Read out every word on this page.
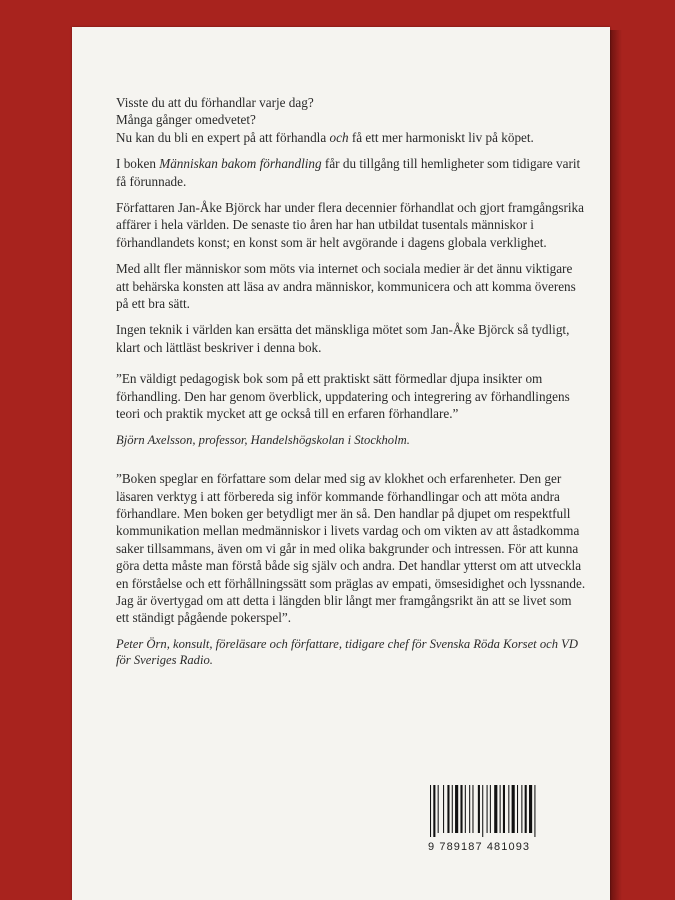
Visste du att du förhandlar varje dag?
Många gånger omedvetet?
Nu kan du bli en expert på att förhandla och få ett mer harmoniskt liv på köpet.

I boken Människan bakom förhandling får du tillgång till hemligheter som tidigare varit få förunnade.

Författaren Jan-Åke Björck har under flera decennier förhandlat och gjort framgångsrika affärer i hela världen. De senaste tio åren har han utbildat tusentals människor i förhandlandets konst; en konst som är helt avgörande i dagens globala verklighet.

Med allt fler människor som möts via internet och sociala medier är det ännu viktigare att behärska konsten att läsa av andra människor, kommunicera och att komma överens på ett bra sätt.

Ingen teknik i världen kan ersätta det mänskliga mötet som Jan-Åke Björck så tydligt, klart och lättläst beskriver i denna bok.

”En väldigt pedagogisk bok som på ett praktiskt sätt förmedlar djupa insikter om förhandling. Den har genom överblick, uppdatering och integrering av förhandlingens teori och praktik mycket att ge också till en erfaren förhandlare.”

Björn Axelsson, professor, Handelshögskolan i Stockholm.

”Boken speglar en författare som delar med sig av klokhet och erfarenheter. Den ger läsaren verktyg i att förbereda sig inför kommande förhandlingar och att möta andra förhandlare. Men boken ger betydligt mer än så. Den handlar på djupet om respektfull kommunikation mellan medmänniskor i livets vardag och om vikten av att åstadkomma saker tillsammans, även om vi går in med olika bakgrunder och intressen. För att kunna göra detta måste man förstå både sig själv och andra. Det handlar ytterst om att utveckla en förståelse och ett förhållningssätt som präglas av empati, ömsesidighet och lyssnande. Jag är övertygad om att detta i längden blir långt mer framgångsrikt än att se livet som ett ständigt pågående pokerspel”.

Peter Örn, konsult, föreläsare och författare, tidigare chef för Svenska Röda Korset och VD för Sveriges Radio.

9 789187 481093
